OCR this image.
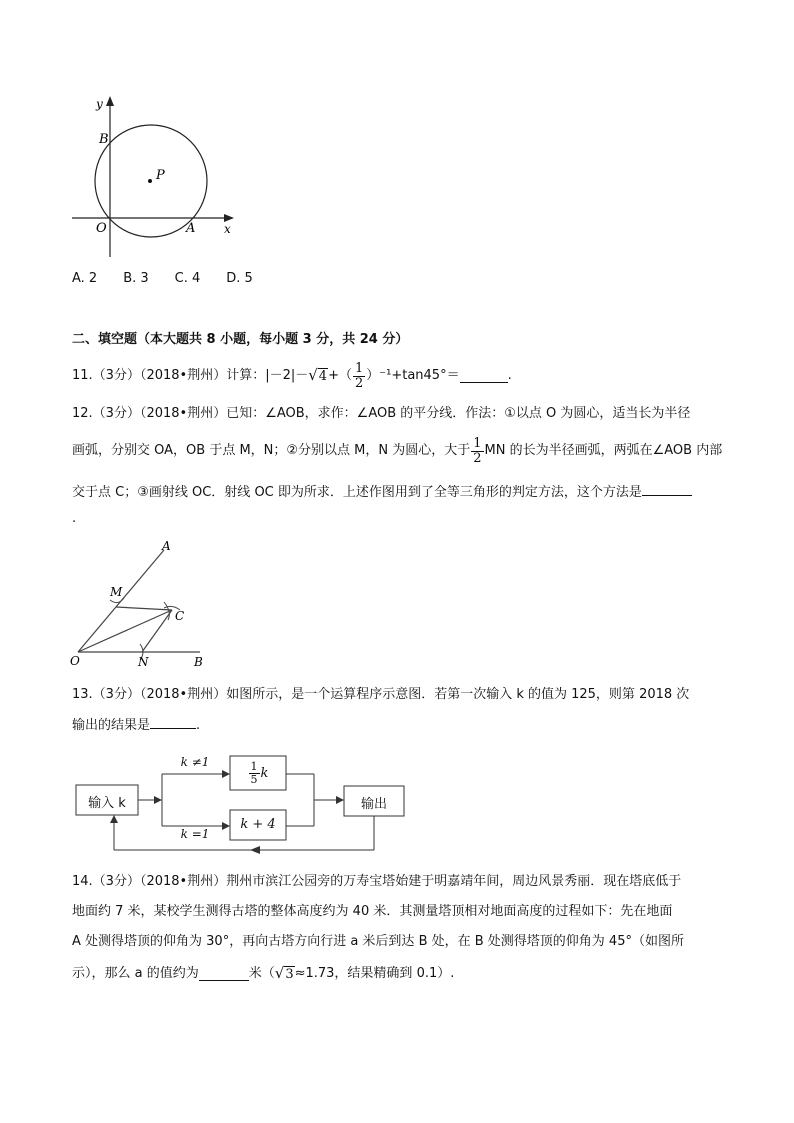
y
B
P
O	A x
A. 2　　B. 3　　C. 4　　D. 5
二、填空题（本大题共 8 小题，每小题 3 分，共 24 分）
11.（3分）（2018•荆州）计算：|－2|－ √4 +（ $\frac{1}{2} )^{-1}+\tan 45^\circ=$	.
12.（3分）（2018•荆州）已知：∠AOB，求作：∠AOB 的平分线．作法：①以点 O 为圆心，适当长为半径
画弧，分别交 OA，OB 于点 M，N；②分别以点 M，N 为圆心，大于 $\frac{1}{2}$ MN 的长为半径画弧，两弧在∠AOB 内部
交于点 C；③画射线 OC．射线 OC 即为所求．上述作图用到了全等三角形的判定方法，这个方法是
.
A
M
C
O	N	B
13.（3分）（2018•荆州）如图所示，是一个运算程序示意图．若第一次输入 k 的值为 125，则第 2018 次
输出的结果是	.
输入 k
k ≠1
k =1
$\frac{1}{5}$ k
k + 4
输出
14.（3分）（2018•荆州）荆州市滨江公园旁的万寿宝塔始建于明嘉靖年间，周边风景秀丽．现在塔底低于
地面约 7 米，某校学生测得古塔的整体高度约为 40 米．其测量塔顶相对地面高度的过程如下：先在地面
A 处测得塔顶的仰角为 30°，再向古塔方向行进 a 米后到达 B 处，在 B 处测得塔顶的仰角为 45°（如图所
示），那么 a 的值约为	米（ √3 ≈1.73，结果精确到 0.1）.
